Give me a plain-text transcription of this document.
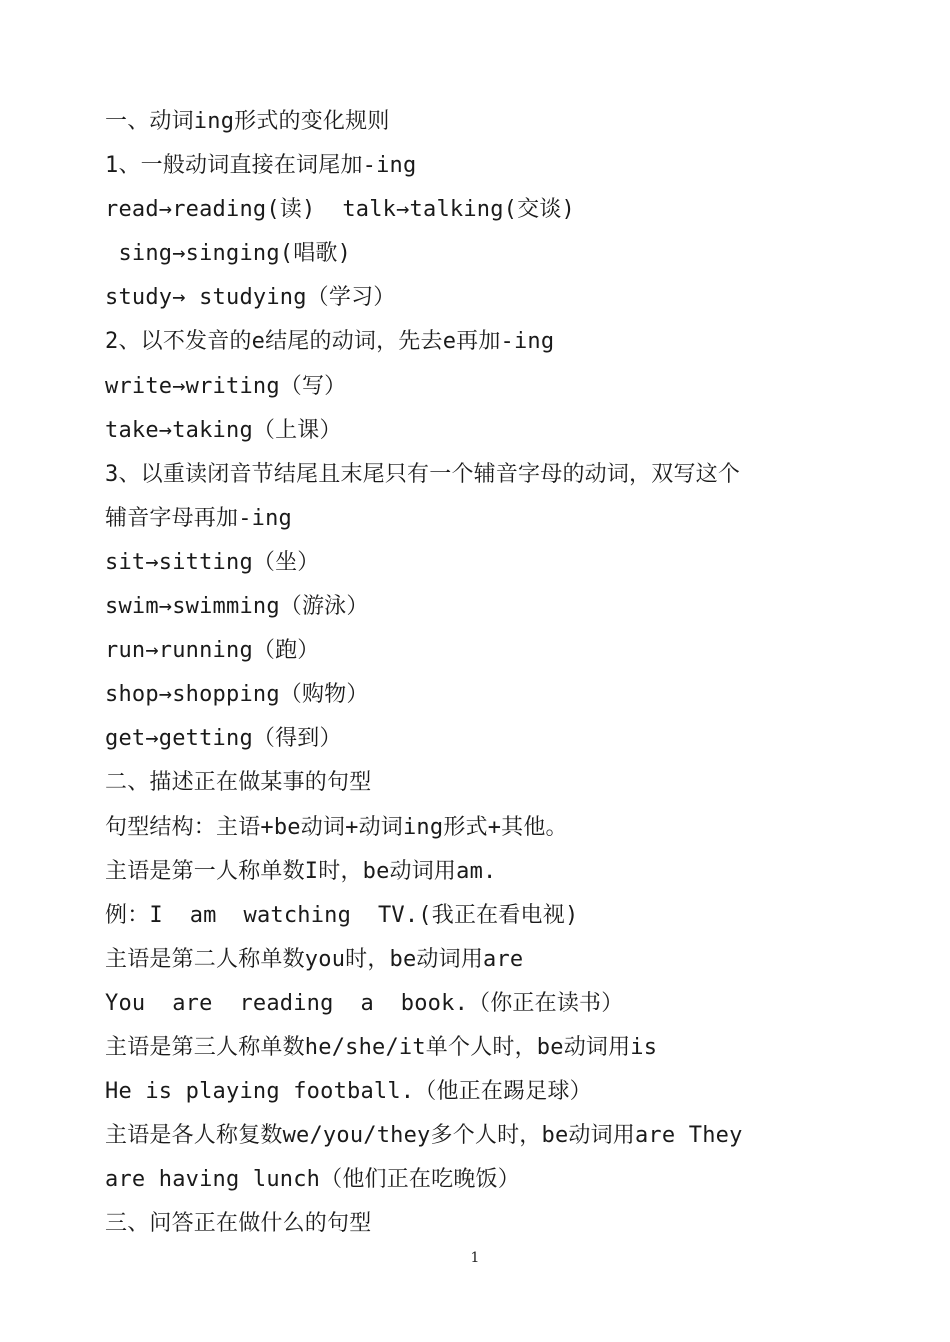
一、动词ing形式的变化规则
1、一般动词直接在词尾加-ing
read→reading(读)  talk→talking(交谈)
sing→singing(唱歌)
study→ studying（学习）
2、以不发音的e结尾的动词，先去e再加-ing
write→writing（写）
take→taking（上课）
3、以重读闭音节结尾且末尾只有一个辅音字母的动词，双写这个
辅音字母再加-ing
sit→sitting（坐）
swim→swimming（游泳）
run→running（跑）
shop→shopping（购物）
get→getting（得到）
二、描述正在做某事的句型
句型结构：主语+be动词+动词ing形式+其他。
主语是第一人称单数I时，be动词用am.
例：I  am  watching  TV.(我正在看电视)
主语是第二人称单数you时，be动词用are
You  are  reading  a  book.（你正在读书）
主语是第三人称单数he/she/it单个人时，be动词用is
He is playing football.（他正在踢足球）
主语是各人称复数we/you/they多个人时，be动词用are They
are having lunch（他们正在吃晚饭）
三、问答正在做什么的句型
1
